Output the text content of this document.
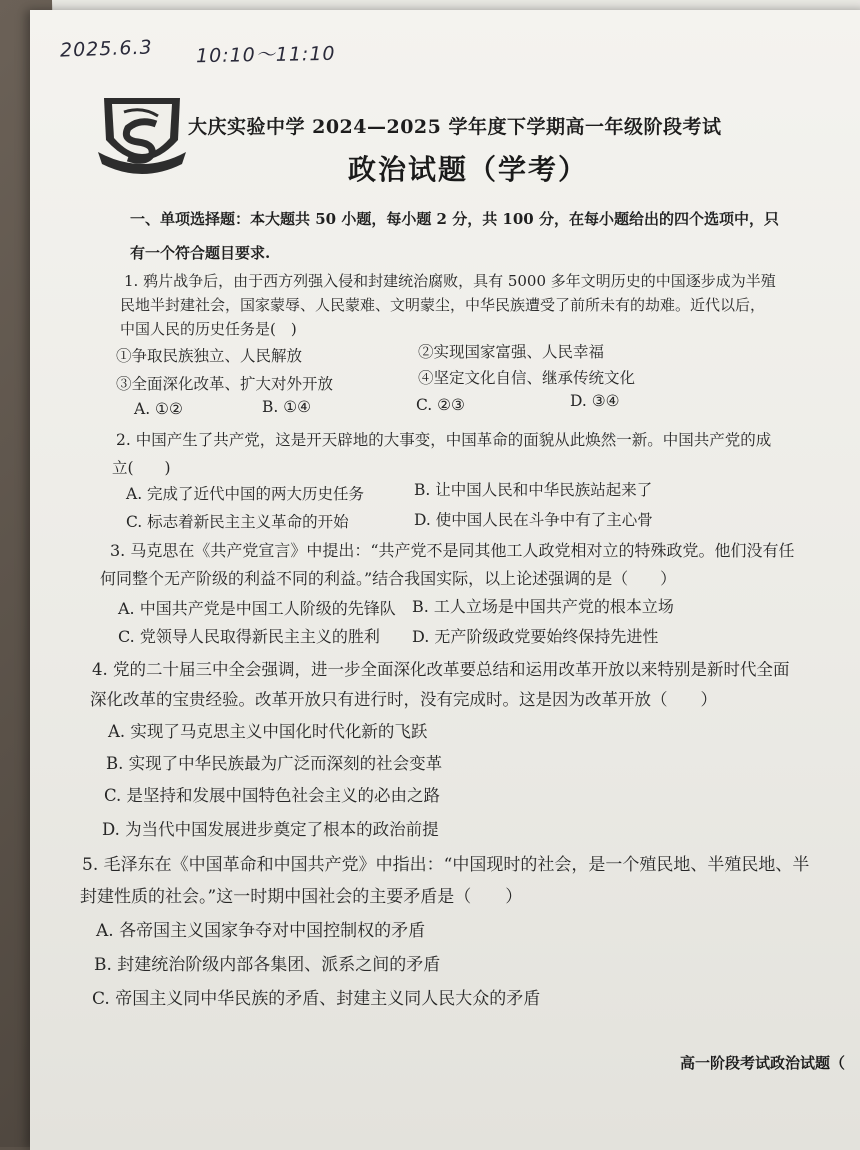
2025.6.3 10:10～11:10
大庆实验中学 2024—2025 学年度下学期高一年级阶段考试
政治试题（学考）
一、单项选择题：本大题共 50 小题，每小题 2 分，共 100 分，在每小题给出的四个选项中，只
有一个符合题目要求.
1. 鸦片战争后，由于西方列强入侵和封建统治腐败，具有 5000 多年文明历史的中国逐步成为半殖
民地半封建社会，国家蒙辱、人民蒙难、文明蒙尘，中华民族遭受了前所未有的劫难。近代以后，
中国人民的历史任务是(　)
①争取民族独立、人民解放	②实现国家富强、人民幸福
③全面深化改革、扩大对外开放	④坚定文化自信、继承传统文化
A. ①②	B. ①④	C. ②③	D. ③④
2. 中国产生了共产党，这是开天辟地的大事变，中国革命的面貌从此焕然一新。中国共产党的成
立(　　)
A. 完成了近代中国的两大历史任务	B. 让中国人民和中华民族站起来了
C. 标志着新民主主义革命的开始	D. 使中国人民在斗争中有了主心骨
3. 马克思在《共产党宣言》中提出：“共产党不是同其他工人政党相对立的特殊政党。他们没有任
何同整个无产阶级的利益不同的利益。”结合我国实际，以上论述强调的是（　　）
A. 中国共产党是中国工人阶级的先锋队 B. 工人立场是中国共产党的根本立场
C. 党领导人民取得新民主主义的胜利 D. 无产阶级政党要始终保持先进性
4. 党的二十届三中全会强调，进一步全面深化改革要总结和运用改革开放以来特别是新时代全面
深化改革的宝贵经验。改革开放只有进行时，没有完成时。这是因为改革开放（　　）
A. 实现了马克思主义中国化时代化新的飞跃
B. 实现了中华民族最为广泛而深刻的社会变革
C. 是坚持和发展中国特色社会主义的必由之路
D. 为当代中国发展进步奠定了根本的政治前提
5. 毛泽东在《中国革命和中国共产党》中指出：“中国现时的社会，是一个殖民地、半殖民地、半
封建性质的社会。”这一时期中国社会的主要矛盾是（　　）
A. 各帝国主义国家争夺对中国控制权的矛盾
B. 封建统治阶级内部各集团、派系之间的矛盾
C. 帝国主义同中华民族的矛盾、封建主义同人民大众的矛盾
高一阶段考试政治试题（
